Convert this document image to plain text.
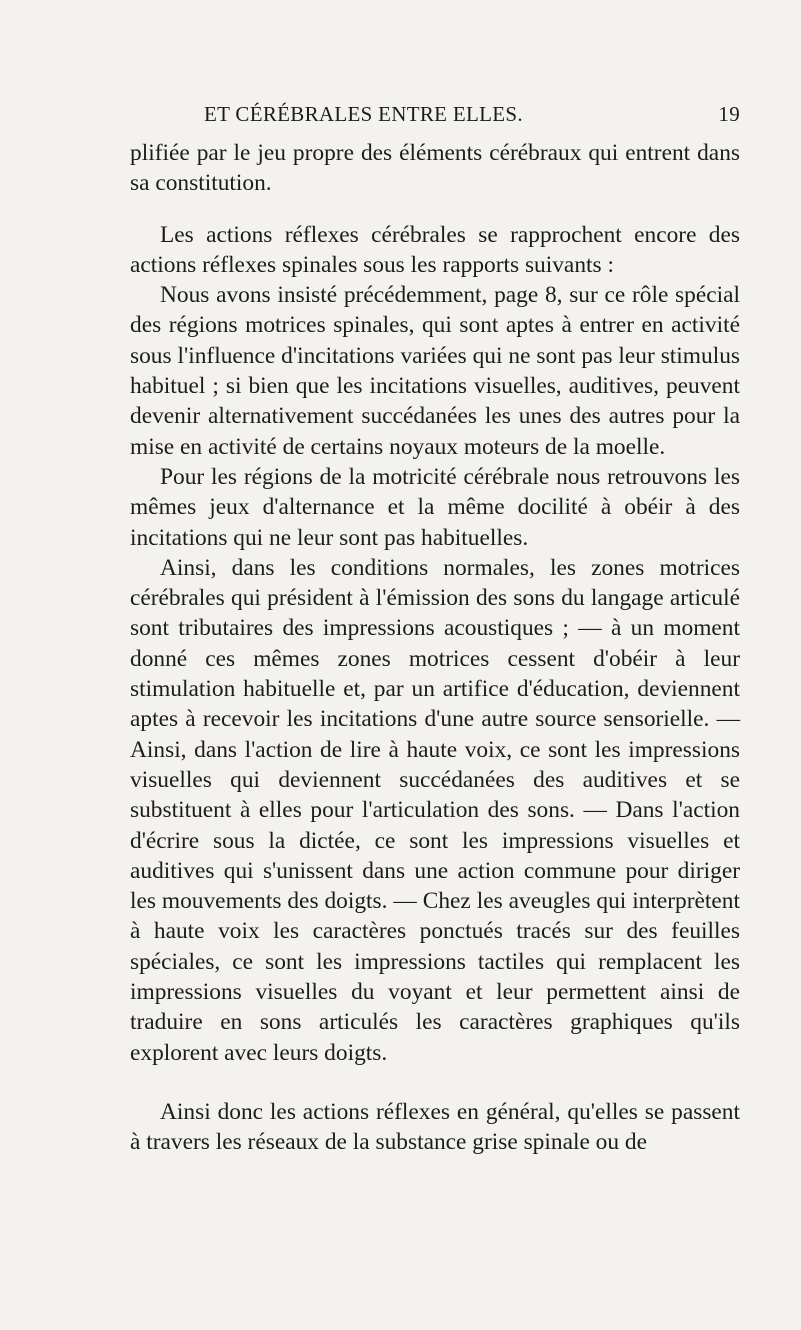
ET CÉRÉBRALES ENTRE ELLES.	19

plifiée par le jeu propre des éléments cérébraux qui entrent dans sa constitution.

Les actions réflexes cérébrales se rapprochent encore des actions réflexes spinales sous les rapports suivants :

Nous avons insisté précédemment, page 8, sur ce rôle spécial des régions motrices spinales, qui sont aptes à entrer en activité sous l'influence d'incitations variées qui ne sont pas leur stimulus habituel ; si bien que les incitations visuelles, auditives, peuvent devenir alternativement succédanées les unes des autres pour la mise en activité de certains noyaux moteurs de la moelle.

Pour les régions de la motricité cérébrale nous retrouvons les mêmes jeux d'alternance et la même docilité à obéir à des incitations qui ne leur sont pas habituelles.

Ainsi, dans les conditions normales, les zones motrices cérébrales qui président à l'émission des sons du langage articulé sont tributaires des impressions acoustiques ; — à un moment donné ces mêmes zones motrices cessent d'obéir à leur stimulation habituelle et, par un artifice d'éducation, deviennent aptes à recevoir les incitations d'une autre source sensorielle. — Ainsi, dans l'action de lire à haute voix, ce sont les impressions visuelles qui deviennent succédanées des auditives et se substituent à elles pour l'articulation des sons. — Dans l'action d'écrire sous la dictée, ce sont les impressions visuelles et auditives qui s'unissent dans une action commune pour diriger les mouvements des doigts. — Chez les aveugles qui interprètent à haute voix les caractères ponctués tracés sur des feuilles spéciales, ce sont les impressions tactiles qui remplacent les impressions visuelles du voyant et leur permettent ainsi de traduire en sons articulés les caractères graphiques qu'ils explorent avec leurs doigts.

Ainsi donc les actions réflexes en général, qu'elles se passent à travers les réseaux de la substance grise spinale ou de
